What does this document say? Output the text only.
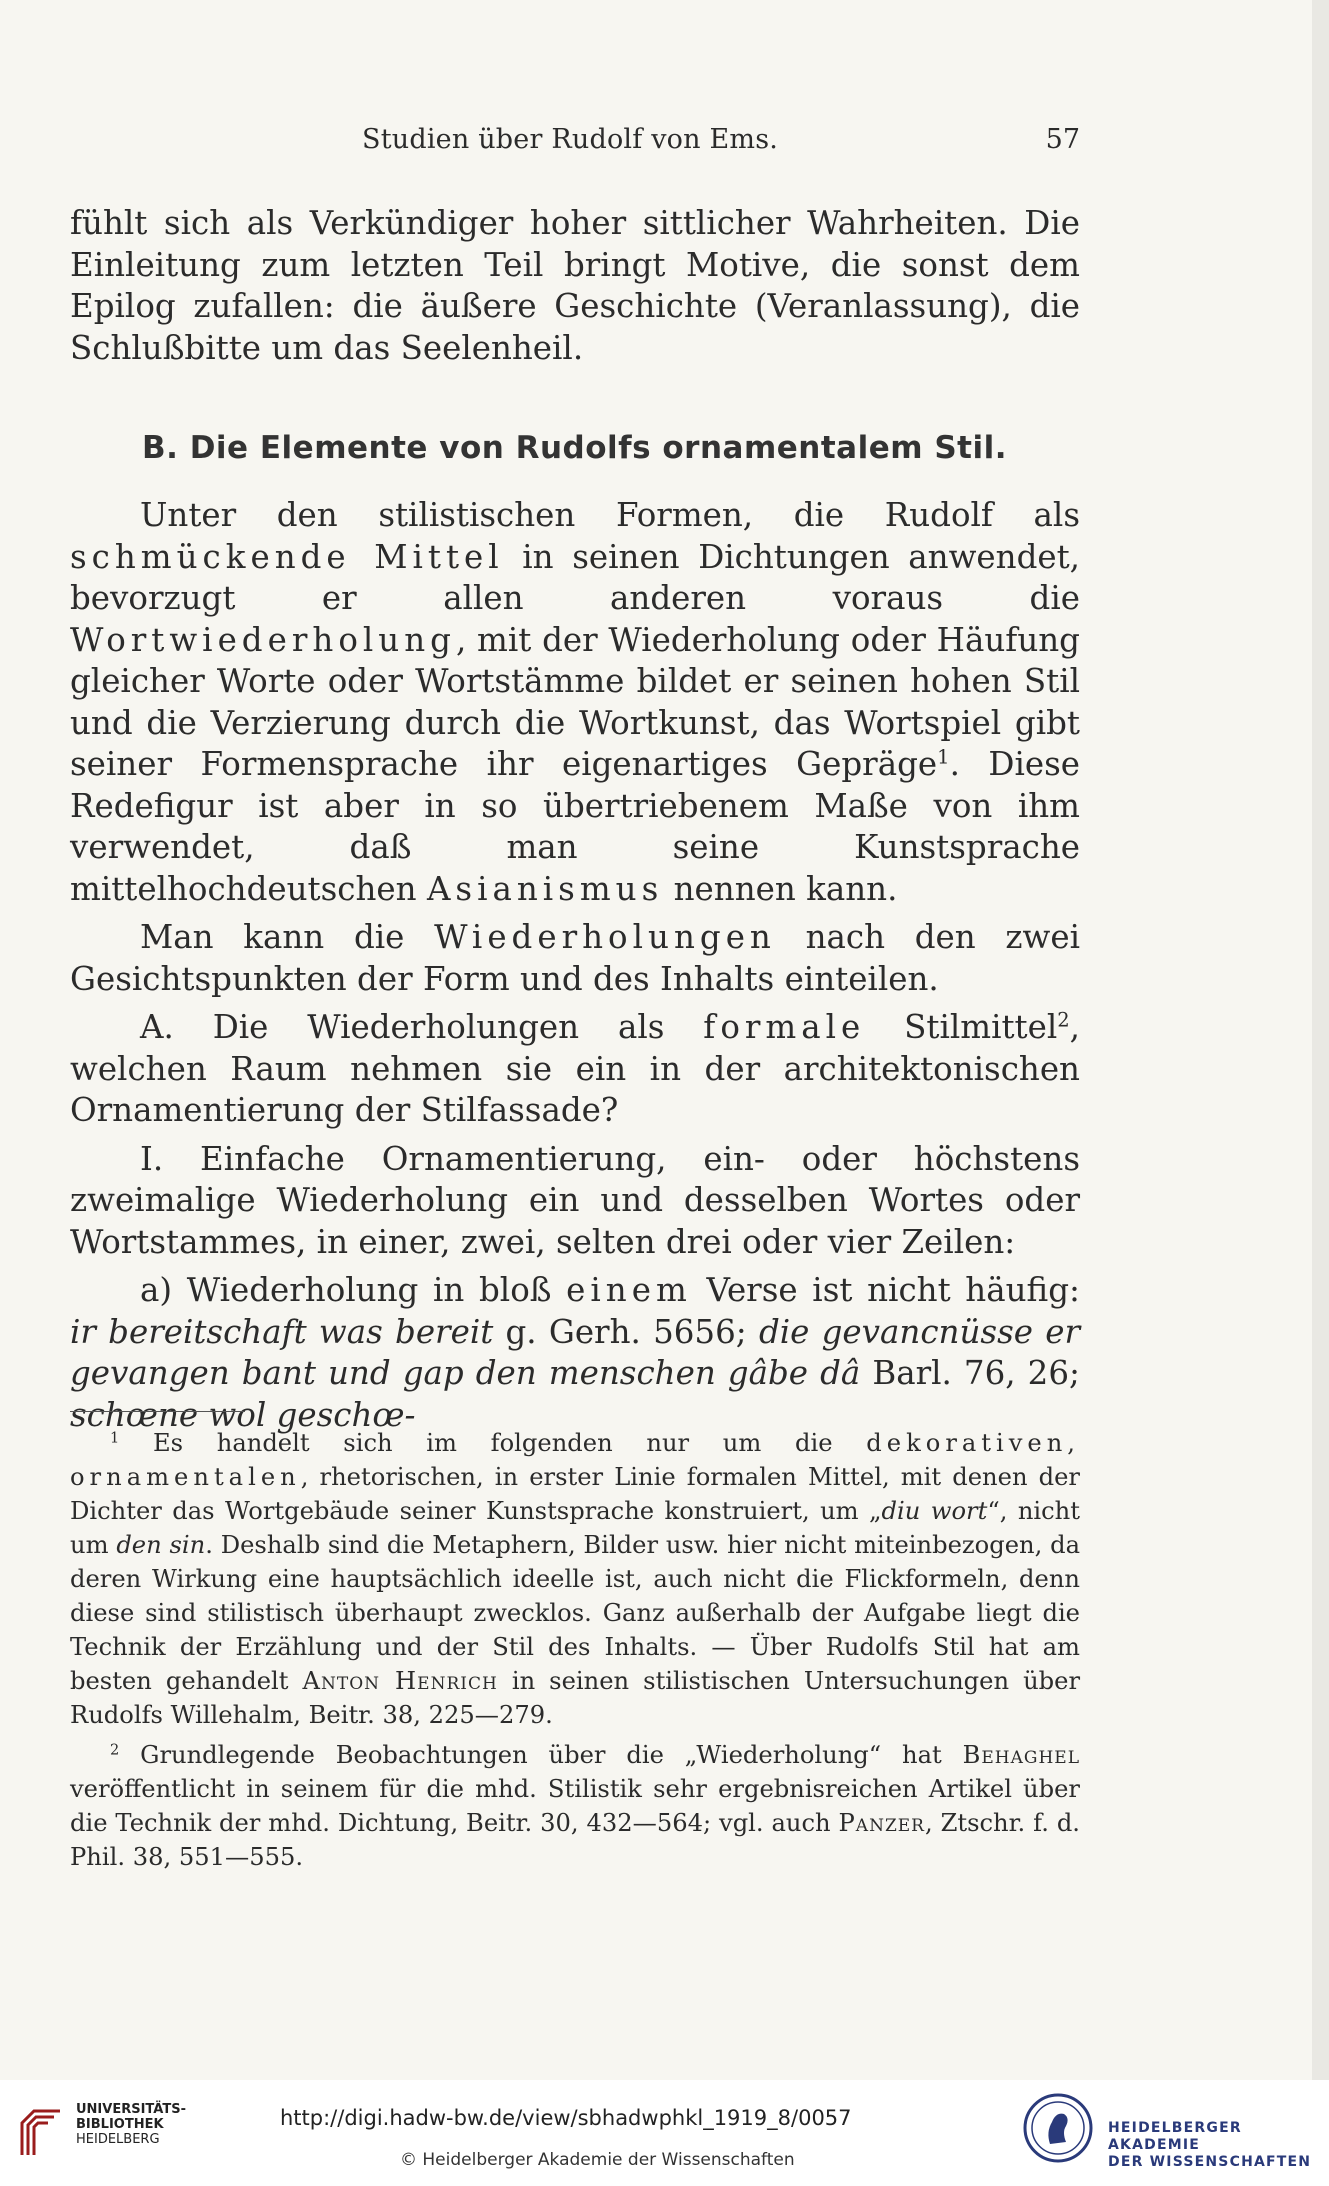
Studien über Rudolf von Ems.	57

fühlt sich als Verkündiger hoher sittlicher Wahrheiten. Die Einleitung zum letzten Teil bringt Motive, die sonst dem Epilog zufallen: die äußere Geschichte (Veranlassung), die Schlußbitte um das Seelenheil.

B. Die Elemente von Rudolfs ornamentalem Stil.

Unter den stilistischen Formen, die Rudolf als schmückende Mittel in seinen Dichtungen anwendet, bevorzugt er allen anderen voraus die Wortwiederholung, mit der Wiederholung oder Häufung gleicher Worte oder Wortstämme bildet er seinen hohen Stil und die Verzierung durch die Wortkunst, das Wortspiel gibt seiner Formensprache ihr eigenartiges Gepräge$^1$. Diese Redefigur ist aber in so übertriebenem Maße von ihm verwendet, daß man seine Kunstsprache mittelhochdeutschen Asianismus nennen kann.

Man kann die Wiederholungen nach den zwei Gesichtspunkten der Form und des Inhalts einteilen.

A. Die Wiederholungen als formale Stilmittel$^2$, welchen Raum nehmen sie ein in der architektonischen Ornamentierung der Stilfassade?

I. Einfache Ornamentierung, ein- oder höchstens zweimalige Wiederholung ein und desselben Wortes oder Wortstammes, in einer, zwei, selten drei oder vier Zeilen:

a) Wiederholung in bloß einem Verse ist nicht häufig: ir bereitschaft was bereit g. Gerh. 5656; die gevancnüsse er gevangen bant und gap den menschen gâbe dâ Barl. 76, 26; schœne wol geschœ-

$^1$ Es handelt sich im folgenden nur um die dekorativen, ornamentalen, rhetorischen, in erster Linie formalen Mittel, mit denen der Dichter das Wortgebäude seiner Kunstsprache konstruiert, um „diu wort“, nicht um den sin. Deshalb sind die Metaphern, Bilder usw. hier nicht miteinbezogen, da deren Wirkung eine hauptsächlich ideelle ist, auch nicht die Flickformeln, denn diese sind stilistisch überhaupt zwecklos. Ganz außerhalb der Aufgabe liegt die Technik der Erzählung und der Stil des Inhalts. — Über Rudolfs Stil hat am besten gehandelt Anton Henrich in seinen stilistischen Untersuchungen über Rudolfs Willehalm, Beitr. 38, 225—279.

$^2$ Grundlegende Beobachtungen über die „Wiederholung“ hat Behaghel veröffentlicht in seinem für die mhd. Stilistik sehr ergebnisreichen Artikel über die Technik der mhd. Dichtung, Beitr. 30, 432—564; vgl. auch Panzer, Ztschr. f. d. Phil. 38, 551—555.

UNIVERSITÄTS-
BIBLIOTHEK
HEIDELBERG
http://digi.hadw-bw.de/view/sbhadwphkl_1919_8/0057
© Heidelberger Akademie der Wissenschaften
HEIDELBERGER AKADEMIE
DER WISSENSCHAFTEN
